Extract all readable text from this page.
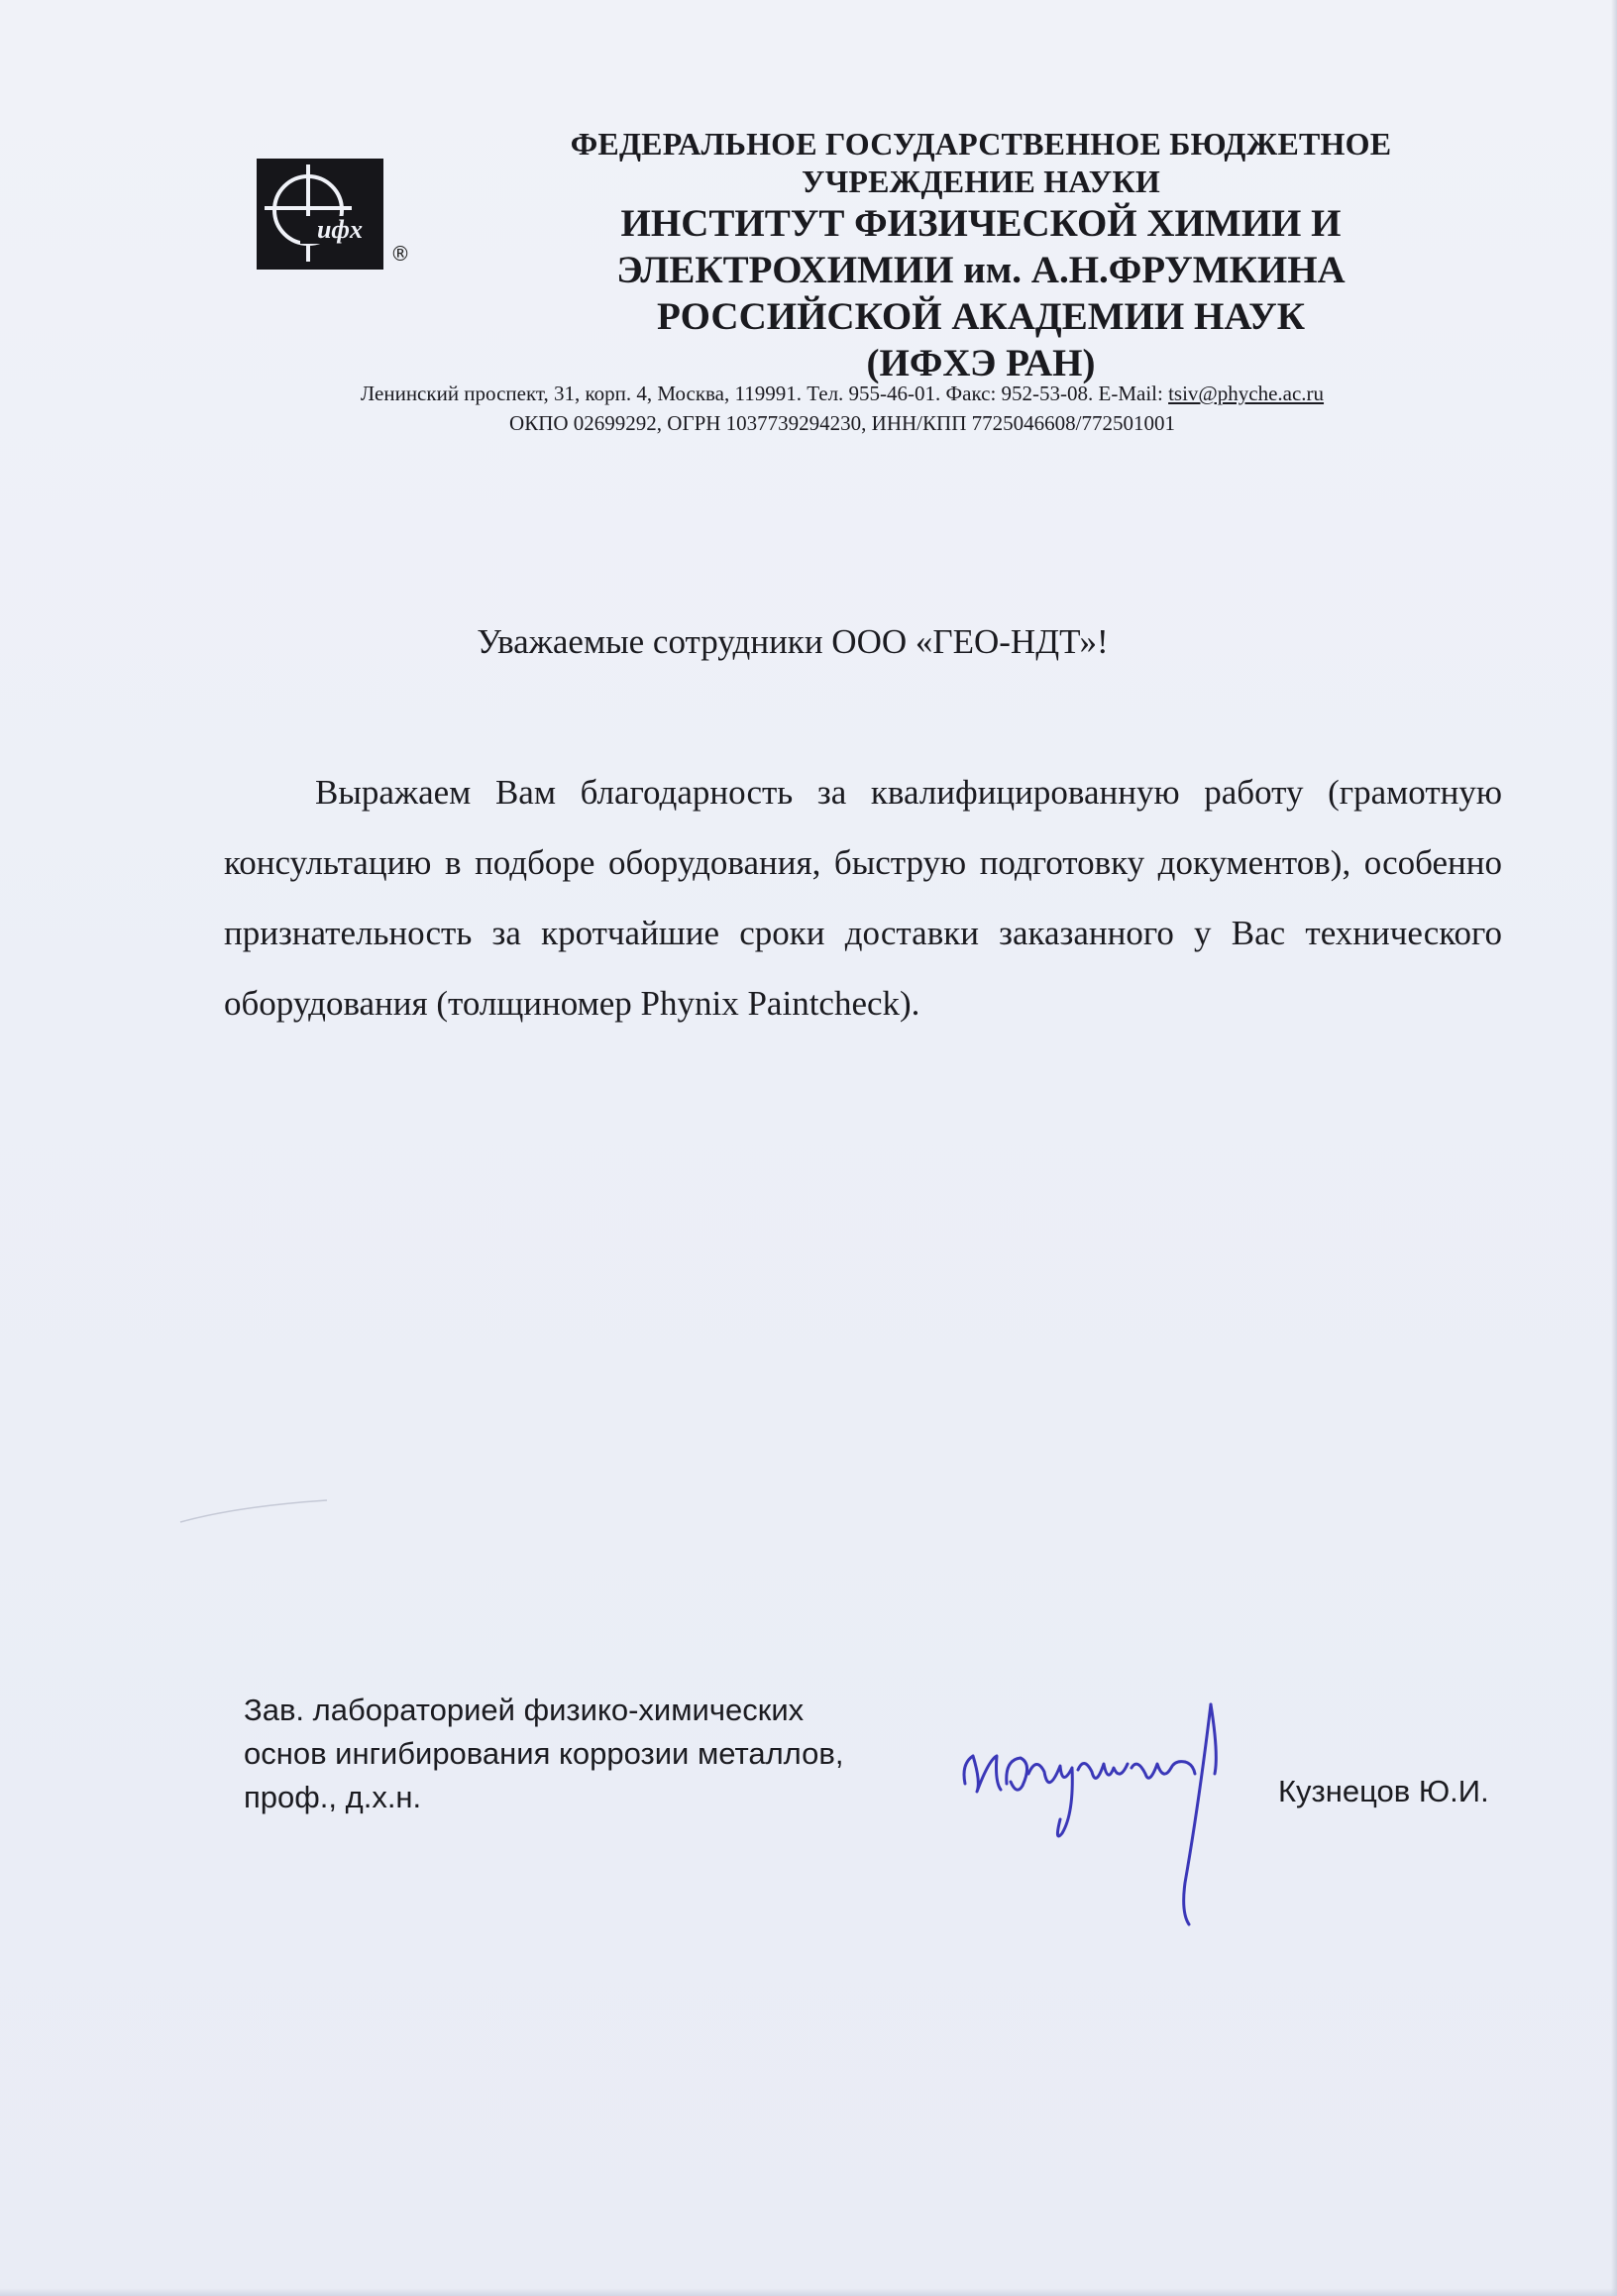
ифх
®
ФЕДЕРАЛЬНОЕ ГОСУДАРСТВЕННОЕ БЮДЖЕТНОЕ
УЧРЕЖДЕНИЕ НАУКИ
ИНСТИТУТ ФИЗИЧЕСКОЙ ХИМИИ И
ЭЛЕКТРОХИМИИ им. А.Н.ФРУМКИНА
РОССИЙСКОЙ АКАДЕМИИ НАУК
(ИФХЭ РАН)
Ленинский проспект, 31, корп. 4, Москва, 119991. Тел. 955-46-01. Факс: 952-53-08. E-Mail: tsiv@phyche.ac.ru
ОКПО 02699292, ОГРН 1037739294230, ИНН/КПП 7725046608/772501001
Уважаемые сотрудники ООО «ГЕО-НДТ»!
Выражаем Вам благодарность за квалифицированную работу (грамотную консультацию в подборе оборудования, быструю подготовку документов), особенно признательность за кротчайшие сроки доставки заказанного у Вас технического оборудования (толщиномер Phynix Paintcheck).
Зав. лабораторией физико-химических
основ ингибирования коррозии металлов,
проф., д.х.н.	Кузнецов Ю.И.
